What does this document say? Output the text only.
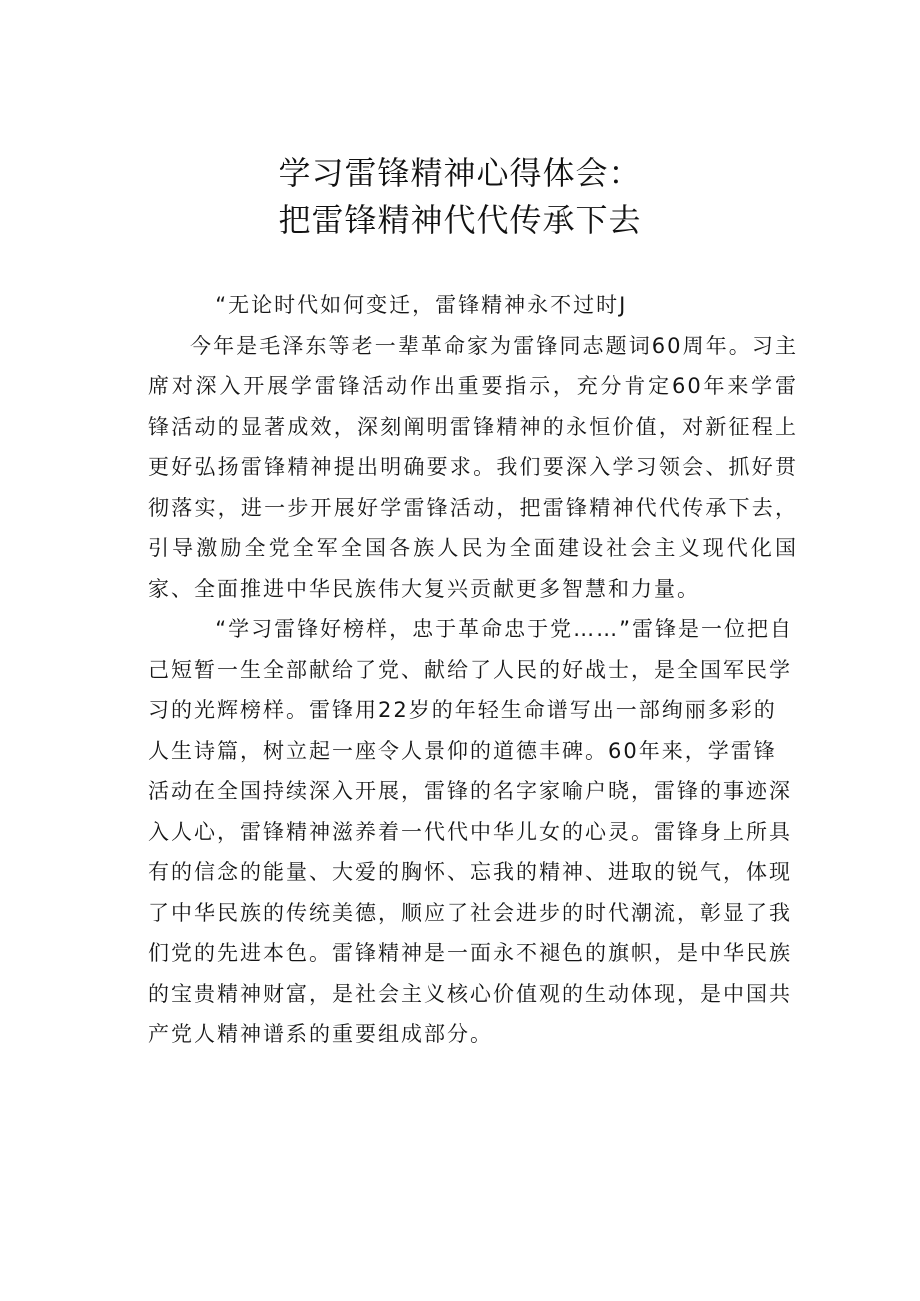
学习雷锋精神心得体会：
把雷锋精神代代传承下去

“无论时代如何变迁，雷锋精神永不过时J

今年是毛泽东等老一辈革命家为雷锋同志题词60周年。习主席对深入开展学雷锋活动作出重要指示，充分肯定60年来学雷锋活动的显著成效，深刻阐明雷锋精神的永恒价值，对新征程上更好弘扬雷锋精神提出明确要求。我们要深入学习领会、抓好贯彻落实，进一步开展好学雷锋活动，把雷锋精神代代传承下去，引导激励全党全军全国各族人民为全面建设社会主义现代化国家、全面推进中华民族伟大复兴贡献更多智慧和力量。

“学习雷锋好榜样，忠于革命忠于党……”雷锋是一位把自己短暂一生全部献给了党、献给了人民的好战士，是全国军民学习的光辉榜样。雷锋用22岁的年轻生命谱写出一部绚丽多彩的人生诗篇，树立起一座令人景仰的道德丰碑。60年来，学雷锋活动在全国持续深入开展，雷锋的名字家喻户晓，雷锋的事迹深入人心，雷锋精神滋养着一代代中华儿女的心灵。雷锋身上所具有的信念的能量、大爱的胸怀、忘我的精神、进取的锐气，体现了中华民族的传统美德，顺应了社会进步的时代潮流，彰显了我们党的先进本色。雷锋精神是一面永不褪色的旗帜，是中华民族的宝贵精神财富，是社会主义核心价值观的生动体现，是中国共产党人精神谱系的重要组成部分。
